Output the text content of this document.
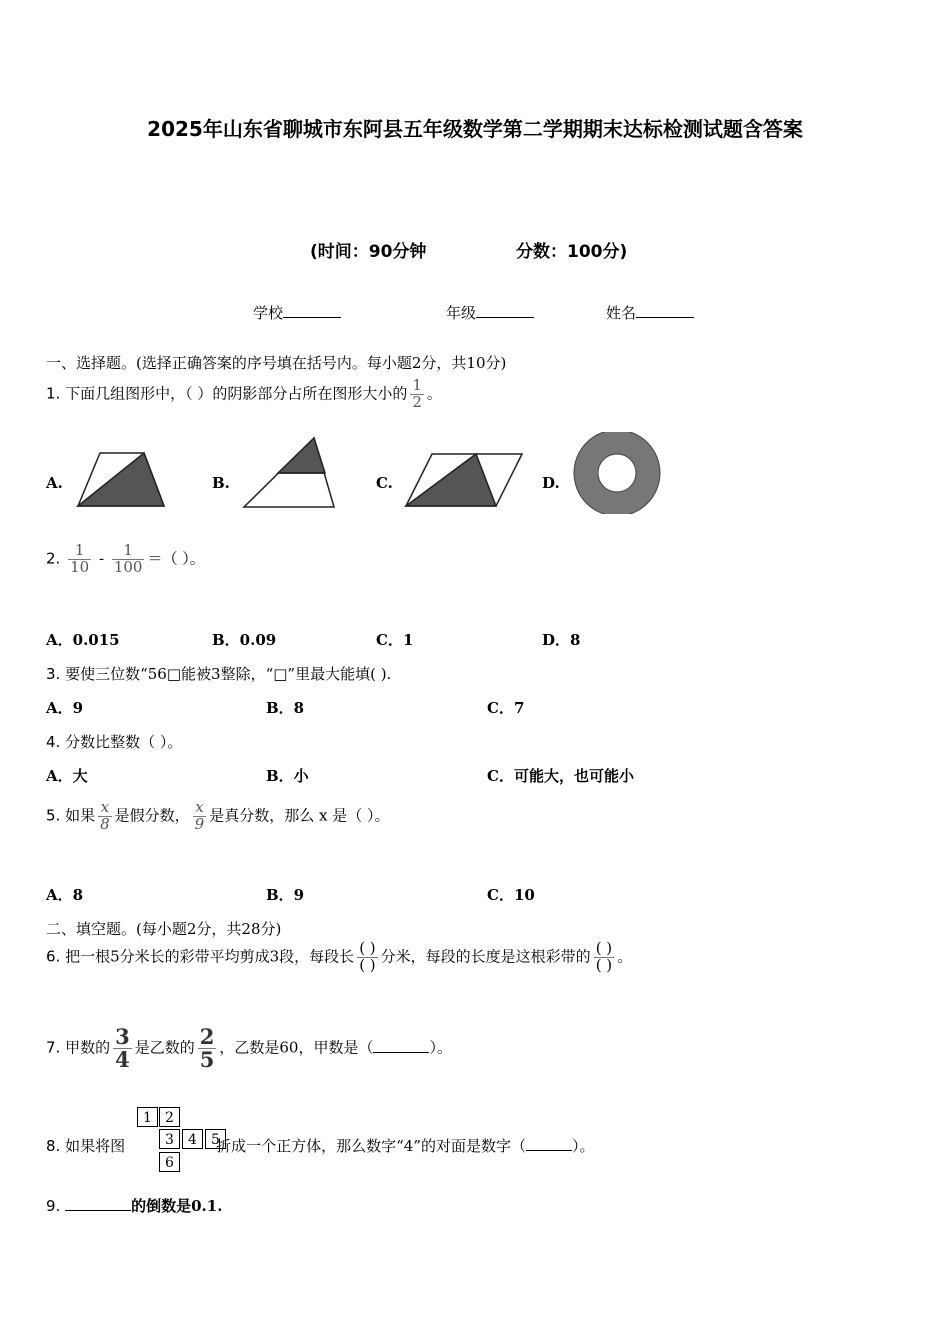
2025年山东省聊城市东阿县五年级数学第二学期期末达标检测试题含答案
(时间：90分钟	分数：100分)
学校	年级	姓名
一、选择题。(选择正确答案的序号填在括号内。每小题2分，共10分)
1. 下面几组图形中，（ ）的阴影部分占所在图形大小的 $\frac{1}{2}$ 。
A.	B.	C.	D.
2. $\frac{1}{10} - \frac{1}{100}$ ＝（ ）。
A．0.015	B．0.09	C．1	D．8
3. 要使三位数“56□能被3整除，“□”里最大能填( ).
A．9	B．8	C．7
4. 分数比整数（ ）。
A．大	B．小	C．可能大，也可能小
5. 如果 $\frac{x}{8}$ 是假分数， $\frac{x}{9}$ 是真分数，那么 x 是（ ）。
A．8	B．9	C．10
二、填空题。(每小题2分，共28分)
6. 把一根5分米长的彩带平均剪成3段，每段长 $\frac{( )}{( )}$ 分米，每段的长度是这根彩带的 $\frac{( )}{( )}$ 。
7. 甲数的 $\frac{3}{4}$ 是乙数的 $\frac{2}{5}$ ，乙数是60，甲数是（	）。
8. 如果将图	折成一个正方体，那么数字“4”的对面是数字（	）。
1 2
3	4	5
6
9.	的倒数是0.1.
